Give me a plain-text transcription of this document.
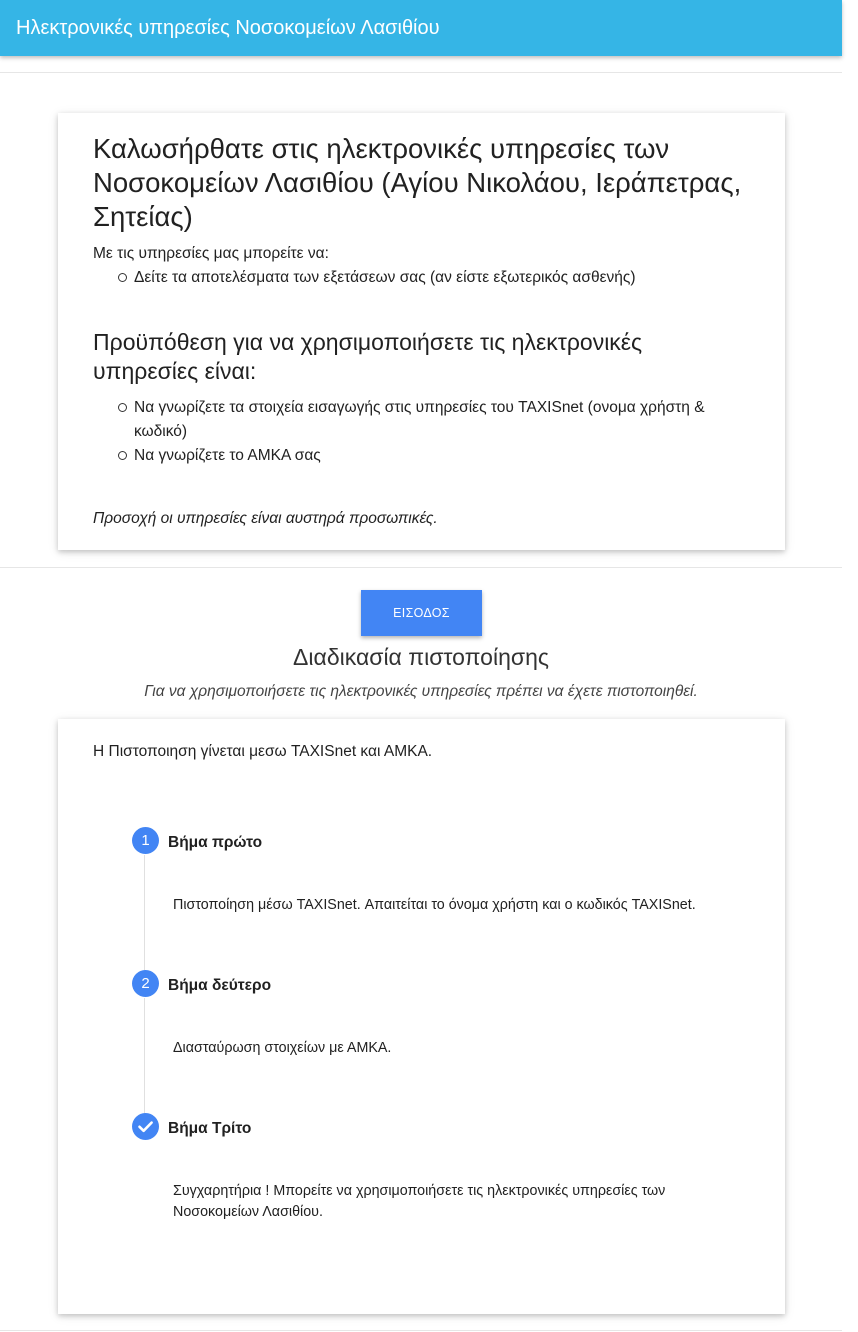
Ηλεκτρονικές υπηρεσίες Νοσοκομείων Λασιθίου
Καλωσήρθατε στις ηλεκτρονικές υπηρεσίες των Νοσοκομείων Λασιθίου (Αγίου Νικολάου, Ιεράπετρας, Σητείας)
Με τις υπηρεσίες μας μπορείτε να:
Δείτε τα αποτελέσματα των εξετάσεων σας (αν είστε εξωτερικός ασθενής)
Προϋπόθεση για να χρησιμοποιήσετε τις ηλεκτρονικές υπηρεσίες είναι:
Να γνωρίζετε τα στοιχεία εισαγωγής στις υπηρεσίες του TAXISnet (ονομα χρήστη & κωδικό)
Να γνωρίζετε το ΑΜΚΑ σας
Προσοχή οι υπηρεσίες είναι αυστηρά προσωπικές.
ΕΙΣΟΔΟΣ
Διαδικασία πιστοποίησης
Για να χρησιμοποιήσετε τις ηλεκτρονικές υπηρεσίες πρέπει να έχετε πιστοποιηθεί.
Η Πιστοποιηση γίνεται μεσω TAXISnet και ΑΜΚΑ.
1	Βήμα πρώτο
Πιστοποίηση μέσω TAXISnet. Απαιτείται το όνομα χρήστη και ο κωδικός TAXISnet.
2	Βήμα δεύτερο
Διασταύρωση στοιχείων με ΑΜΚΑ.
Βήμα Τρίτο
Συγχαρητήρια ! Μπορείτε να χρησιμοποιήσετε τις ηλεκτρονικές υπηρεσίες των Νοσοκομείων Λασιθίου.
